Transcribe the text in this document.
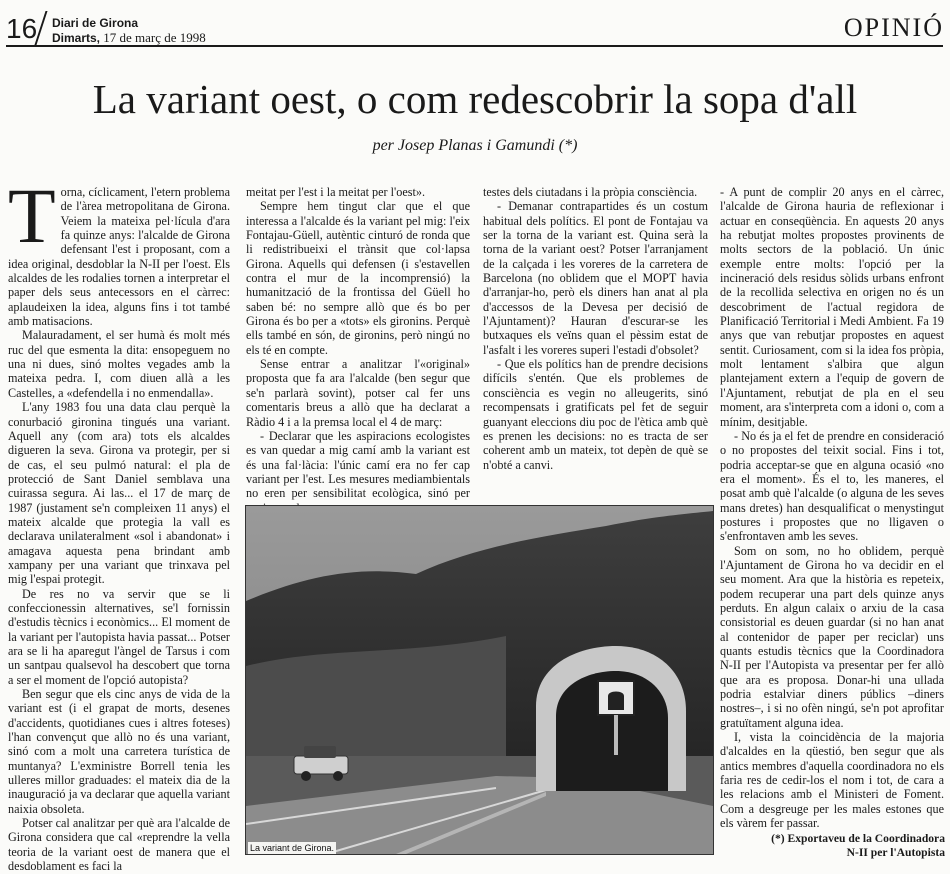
16 Diari de Girona
Dimarts, 17 de març de 1998	OPINIÓ
La variant oest, o com redescobrir la sopa d'all
per Josep Planas i Gamundi (*)
T orna, cíclicament, l'etern problema de l'àrea metropolitana de Girona. Veiem la mateixa pel·lícula d'ara fa quinze anys: l'alcalde de Girona defensant l'est i proposant, com a idea original, desdoblar la N-II per l'oest. Els alcaldes de les rodalies tornen a interpretar el paper dels seus antecessors en el càrrec: aplaudeixen la idea, alguns fins i tot també amb matisacions.

Malauradament, el ser humà és molt més ruc del que esmenta la dita: ensopeguem no una ni dues, sinó moltes vegades amb la mateixa pedra. I, com diuen allà a les Castelles, a «defendella i no enmendalla».

L'any 1983 fou una data clau perquè la conurbació gironina tingués una variant. Aquell any (com ara) tots els alcaldes digueren la seva. Girona va protegir, per si de cas, el seu pulmó natural: el pla de protecció de Sant Daniel semblava una cuirassa segura. Ai las... el 17 de març de 1987 (justament se'n compleixen 11 anys) el mateix alcalde que protegia la vall es declarava unilateralment «sol i abandonat» i amagava aquesta pena brindant amb xampany per una variant que trinxava pel mig l'espai protegit.

De res no va servir que se li confeccionessin alternatives, se'l fornissin d'estudis tècnics i econòmics... El moment de la variant per l'autopista havia passat... Potser ara se li ha aparegut l'àngel de Tarsus i com un santpau qualsevol ha descobert que torna a ser el moment de l'opció autopista?

Ben segur que els cinc anys de vida de la variant est (i el grapat de morts, desenes d'accidents, quotidianes cues i altres foteses) l'han convençut que allò no és una variant, sinó com a molt una carretera turística de muntanya? L'exministre Borrell tenia les ulleres millor graduades: el mateix dia de la inauguració ja va declarar que aquella variant naixia obsoleta.

Potser cal analitzar per què ara l'alcalde de Girona considera que cal «reprendre la vella teoria de la variant oest de manera que el desdoblament es faci la

meitat per l'est i la meitat per l'oest».

Sempre hem tingut clar que el que interessa a l'alcalde és la variant pel mig: l'eix Fontajau-Güell, autèntic cinturó de ronda que li redistribueixi el trànsit que col·lapsa Girona. Aquells qui defensen (i s'estavellen contra el mur de la incomprensió) la humanització de la frontissa del Güell ho saben bé: no sempre allò que és bo per Girona és bo per a «tots» els gironins. Perquè ells també en són, de gironins, però ningú no els té en compte.

Sense entrar a analitzar l'«original» proposta que fa ara l'alcalde (ben segur que se'n parlarà sovint), potser cal fer uns comentaris breus a allò que ha declarat a Ràdio 4 i a la premsa local el 4 de març:

- Declarar que les aspiracions ecologistes es van quedar a mig camí amb la variant est és una fal·làcia: l'únic camí era no fer cap variant per l'est. Les mesures mediambientals no eren per sensibilitat ecològica, sinó per

testes dels ciutadans i la pròpia consciència.

- Demanar contrapartides és un costum habitual dels polítics. El pont de Fontajau va ser la torna de la variant est. Quina serà la torna de la variant oest? Potser l'arranjament de la calçada i les voreres de la carretera de Barcelona (no oblidem que el MOPT havia d'arranjar-ho, però els diners han anat al pla d'accessos de la Devesa per decisió de l'Ajuntament)? Hauran d'escurar-se les butxaques els veïns quan el pèssim estat de l'asfalt i les voreres superi l'estadi d'obsolet?

- Que els polítics han de prendre decisions difícils s'entén. Que els problemes de consciència es vegin no alleugerits, sinó recompensats i gratificats pel fet de seguir guanyant eleccions diu poc de l'ètica amb què es prenen les decisions: no es tracta de ser coherent amb un mateix, tot depèn de què se n'obté a canvi.

- A punt de complir 20 anys en el càrrec, l'alcalde de Girona hauria de reflexionar i actuar en conseqüència. En aquests 20 anys ha rebutjat moltes propostes provinents de molts sectors de la població. Un únic exemple entre molts: l'opció per la incineració dels residus sòlids urbans enfront de la recollida selectiva en origen no és un descobriment de l'actual regidora de Planificació Territorial i Medi Ambient. Fa 19 anys que van rebutjar propostes en aquest sentit. Curiosament, com si la idea fos pròpia, molt lentament s'albira que algun plantejament extern a l'equip de govern de l'Ajuntament, rebutjat de pla en el seu moment, ara s'interpreta com a idoni o, com a mínim, desitjable.

- No és ja el fet de prendre en consideració o no propostes del teixit social. Fins i tot, podria acceptar-se que en alguna ocasió «no era el moment». És el to, les maneres, el posat amb què l'alcalde (o alguna de les seves mans dretes) han desqualificat o menystingut postures i propostes que no lligaven o s'enfrontaven amb les seves.

Som on som, no ho oblidem, perquè l'Ajuntament de Girona ho va decidir en el seu moment. Ara que la història es repeteix, podem recuperar una part dels quinze anys perduts. En algun calaix o arxiu de la casa consistorial es deuen guardar (si no han anat al contenidor de paper per reciclar) uns quants estudis tècnics que la Coordinadora N-II per l'Autopista va presentar per fer allò que ara es proposa. Donar-hi una ullada podria estalviar diners públics –diners nostres–, i si no ofèn ningú, se'n pot aprofitar gratuïtament alguna idea.

I, vista la coincidència de la majoria d'alcaldes en la qüestió, ben segur que als antics membres d'aquella coordinadora no els faria res de cedir-los el nom i tot, de cara a les relacions amb el Ministeri de Foment. Com a desgreuge per les males estones que els vàrem fer passar.

La variant de Girona.
(*) Exportaveu de la Coordinadora
N-II per l'Autopista
